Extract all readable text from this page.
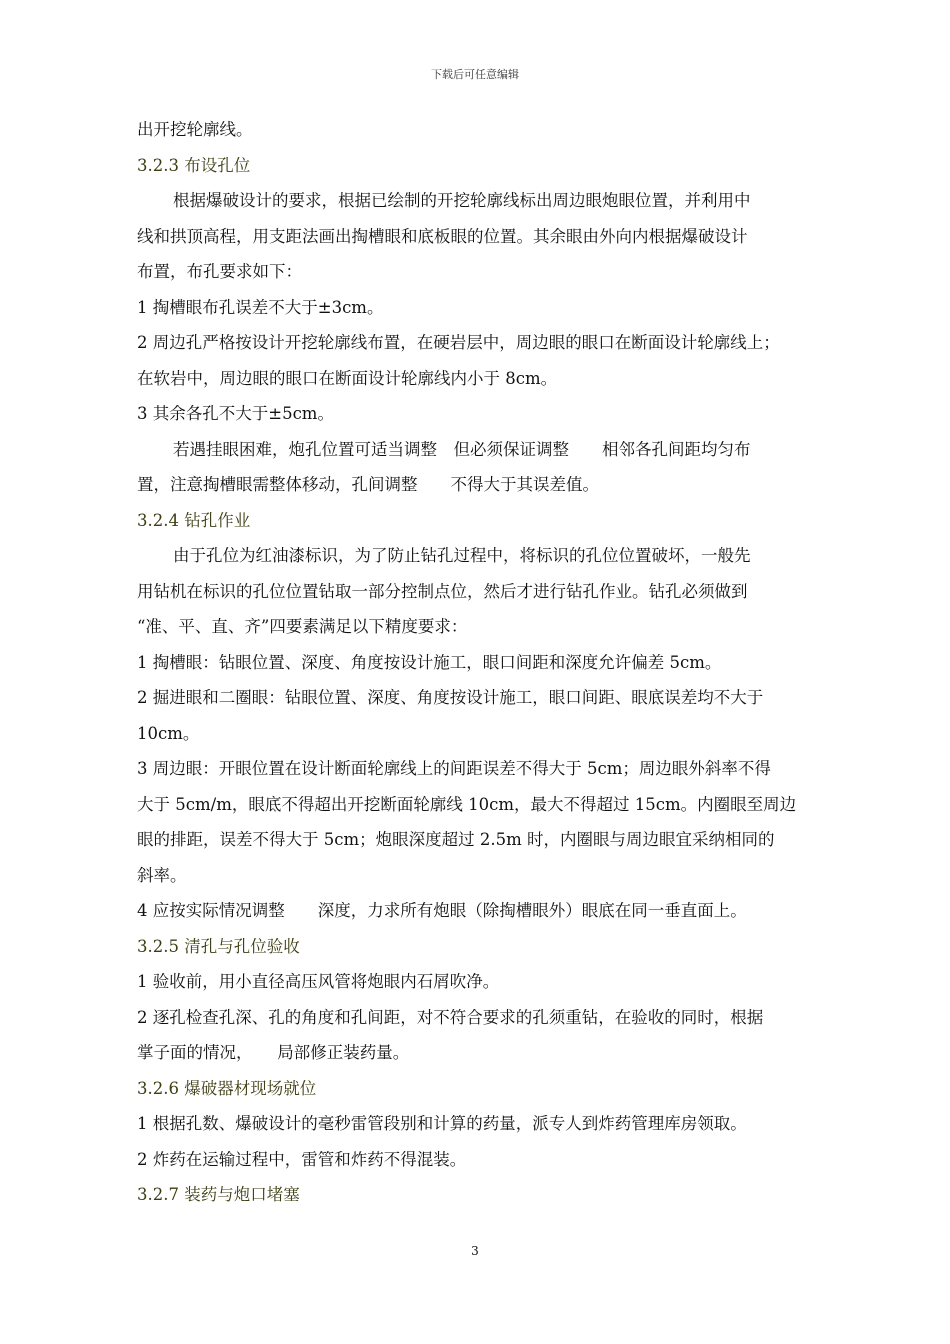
下载后可任意编辑

出开挖轮廓线。

3.2.3 布设孔位

根据爆破设计的要求，根据已绘制的开挖轮廓线标出周边眼炮眼位置，并利用中

线和拱顶高程，用支距法画出掏槽眼和底板眼的位置。其余眼由外向内根据爆破设计

布置，布孔要求如下：

1 掏槽眼布孔误差不大于±3cm。

2 周边孔严格按设计开挖轮廓线布置，在硬岩层中，周边眼的眼口在断面设计轮廓线上；

在软岩中，周边眼的眼口在断面设计轮廓线内小于 8cm。

3 其余各孔不大于±5cm。

若遇挂眼困难，炮孔位置可适当调整　但必须保证调整　　相邻各孔间距均匀布

置，注意掏槽眼需整体移动，孔间调整　　不得大于其误差值。

3.2.4 钻孔作业

由于孔位为红油漆标识，为了防止钻孔过程中，将标识的孔位位置破坏，一般先

用钻机在标识的孔位位置钻取一部分控制点位，然后才进行钻孔作业。钻孔必须做到

“准、平、直、齐”四要素满足以下精度要求：

1 掏槽眼：钻眼位置、深度、角度按设计施工，眼口间距和深度允许偏差 5cm。

2 掘进眼和二圈眼：钻眼位置、深度、角度按设计施工，眼口间距、眼底误差均不大于

10cm。

3 周边眼：开眼位置在设计断面轮廓线上的间距误差不得大于 5cm；周边眼外斜率不得

大于 5cm/m，眼底不得超出开挖断面轮廓线 10cm，最大不得超过 15cm。内圈眼至周边

眼的排距，误差不得大于 5cm；炮眼深度超过 2.5m 时，内圈眼与周边眼宜采纳相同的

斜率。

4 应按实际情况调整　　深度，力求所有炮眼（除掏槽眼外）眼底在同一垂直面上。

3.2.5 清孔与孔位验收

1 验收前，用小直径高压风管将炮眼内石屑吹净。

2 逐孔检查孔深、孔的角度和孔间距，对不符合要求的孔须重钻，在验收的同时，根据

掌子面的情况，　　局部修正装药量。

3.2.6 爆破器材现场就位

1 根据孔数、爆破设计的毫秒雷管段别和计算的药量，派专人到炸药管理库房领取。

2 炸药在运输过程中，雷管和炸药不得混装。

3.2.7 装药与炮口堵塞

3
